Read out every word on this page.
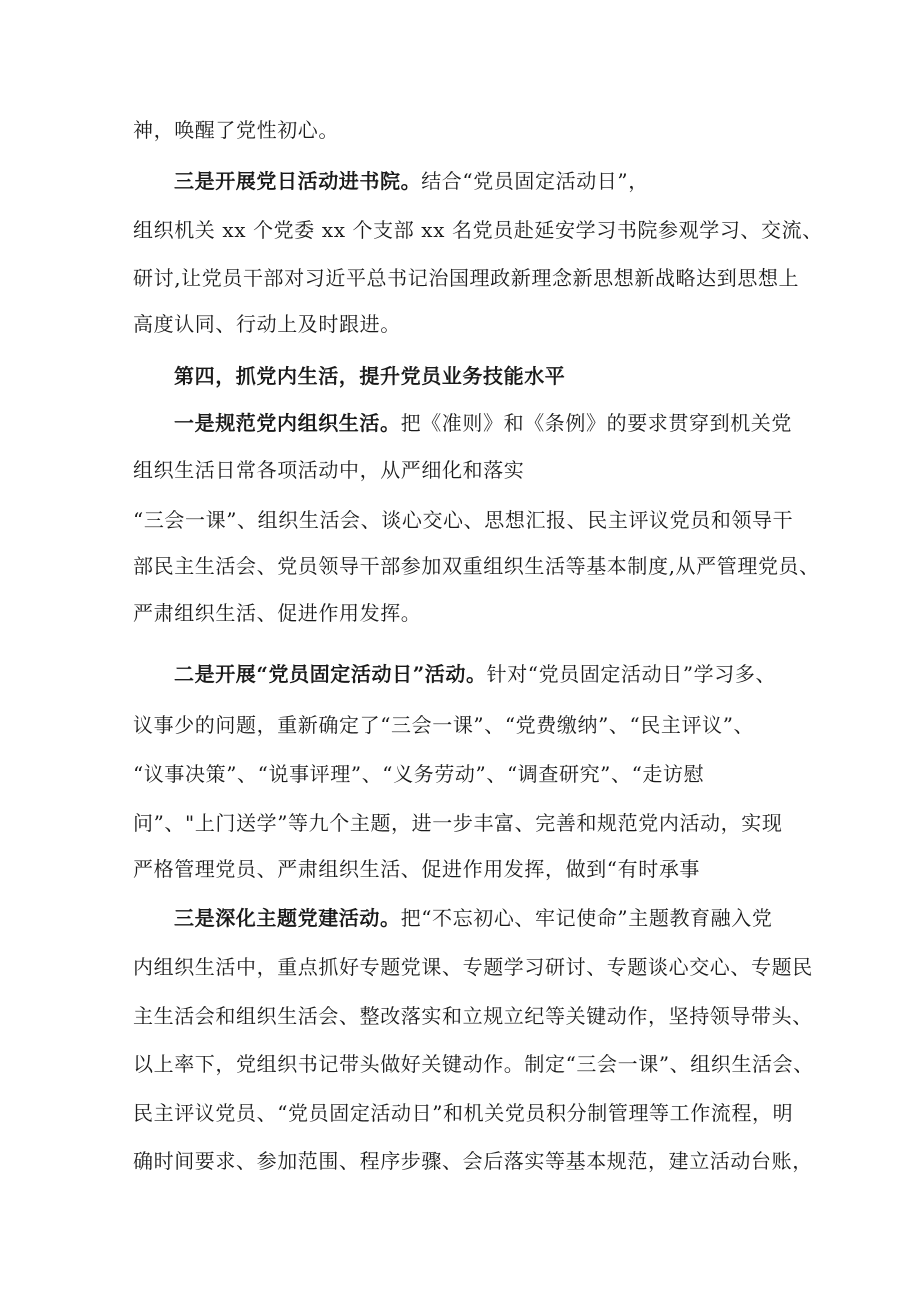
神，唤醒了党性初心。
三是开展党日活动进书院。结合“党员固定活动日”，
组织机关 xx 个党委 xx 个支部 xx 名党员赴延安学习书院参观学习、交流、
研讨,让党员干部对习近平总书记治国理政新理念新思想新战略达到思想上
高度认同、行动上及时跟进。
第四，抓党内生活，提升党员业务技能水平
一是规范党内组织生活。把《准则》和《条例》的要求贯穿到机关党
组织生活日常各项活动中，从严细化和落实
“三会一课”、组织生活会、谈心交心、思想汇报、民主评议党员和领导干
部民主生活会、党员领导干部参加双重组织生活等基本制度,从严管理党员、
严肃组织生活、促进作用发挥。
二是开展“党员固定活动日”活动。针对“党员固定活动日”学习多、
议事少的问题，重新确定了“三会一课”、“党费缴纳”、“民主评议”、
“议事决策”、“说事评理”、“义务劳动”、“调查研究”、“走访慰
问”、"上门送学”等九个主题，进一步丰富、完善和规范党内活动，实现
严格管理党员、严肃组织生活、促进作用发挥，做到“有时承事
三是深化主题党建活动。把“不忘初心、牢记使命”主题教育融入党
内组织生活中，重点抓好专题党课、专题学习研讨、专题谈心交心、专题民
主生活会和组织生活会、整改落实和立规立纪等关键动作，坚持领导带头、
以上率下，党组织书记带头做好关键动作。制定“三会一课”、组织生活会、
民主评议党员、“党员固定活动日”和机关党员积分制管理等工作流程，明
确时间要求、参加范围、程序步骤、会后落实等基本规范，建立活动台账，
